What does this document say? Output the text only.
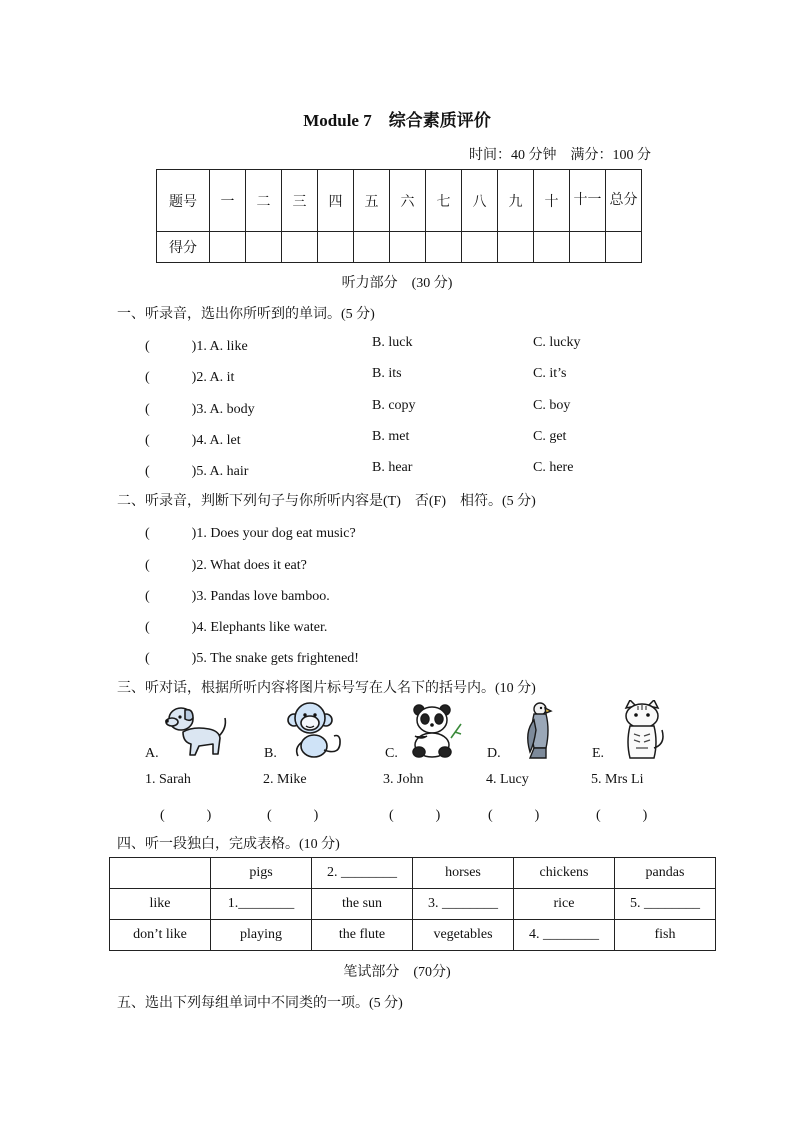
Module 7　综合素质评价
时间：40 分钟　满分：100 分
题号	一	二	三	四	五	六	七	八	九	十	十一	总分
得分												
听力部分　(30 分)
一、听录音，选出你所听到的单词。(5 分)
(　　　)1. A. like	B. luck	C. lucky
(　　　)2. A. it	B. its	C. it’s
(　　　)3. A. body	B. copy	C. boy
(　　　)4. A. let	B. met	C. get
(　　　)5. A. hair	B. hear	C. here
二、听录音，判断下列句子与你所听内容是(T)　否(F)　相符。(5 分)
(　　　)1. Does your dog eat music?
(　　　)2. What does it eat?
(　　　)3. Pandas love bamboo.
(　　　)4. Elephants like water.
(　　　)5. The snake gets frightened!
三、听对话，根据所听内容将图片标号写在人名下的括号内。(10 分)
A.	B.	C.	D.	E.
1. Sarah	2. Mike	3. John	4. Lucy	5. Mrs Li
(　　　)	(　　　)	(　　　)	(　　　)	(　　　)
四、听一段独白，完成表格。(10 分)
	pigs	2. ________	horses	chickens	pandas
like	1.________	the sun	3. ________	rice	5. ________
don’t like	playing	the flute	vegetables	4. ________	fish
笔试部分　(70分)
五、选出下列每组单词中不同类的一项。(5 分)
